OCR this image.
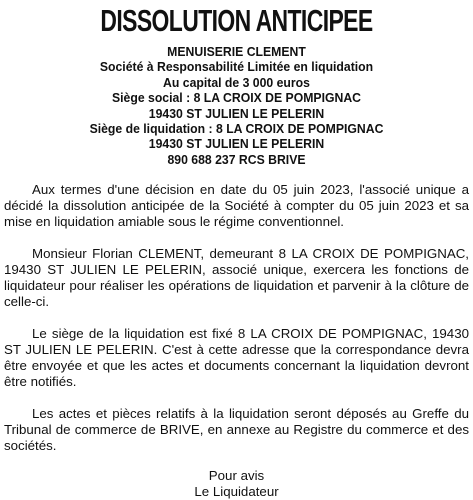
DISSOLUTION ANTICIPEE
MENUISERIE CLEMENT
Société à Responsabilité Limitée en liquidation
Au capital de 3 000 euros
Siège social : 8 LA CROIX DE POMPIGNAC
19430 ST JULIEN LE PELERIN
Siège de liquidation : 8 LA CROIX DE POMPIGNAC
19430 ST JULIEN LE PELERIN
890 688 237 RCS BRIVE

Aux termes d'une décision en date du 05 juin 2023, l'associé unique a décidé la dissolution anticipée de la Société à compter du 05 juin 2023 et sa mise en liquidation amiable sous le régime conventionnel.

Monsieur Florian CLEMENT, demeurant 8 LA CROIX DE POMPIGNAC, 19430 ST JULIEN LE PELERIN, associé unique, exercera les fonctions de liquidateur pour réaliser les opérations de liquidation et parvenir à la clôture de celle-ci.

Le siège de la liquidation est fixé 8 LA CROIX DE POMPIGNAC, 19430 ST JULIEN LE PELERIN. C'est à cette adresse que la correspondance devra être envoyée et que les actes et documents concernant la liquidation devront être notifiés.

Les actes et pièces relatifs à la liquidation seront déposés au Greffe du Tribunal de commerce de BRIVE, en annexe au Registre du commerce et des sociétés.

Pour avis
Le Liquidateur
